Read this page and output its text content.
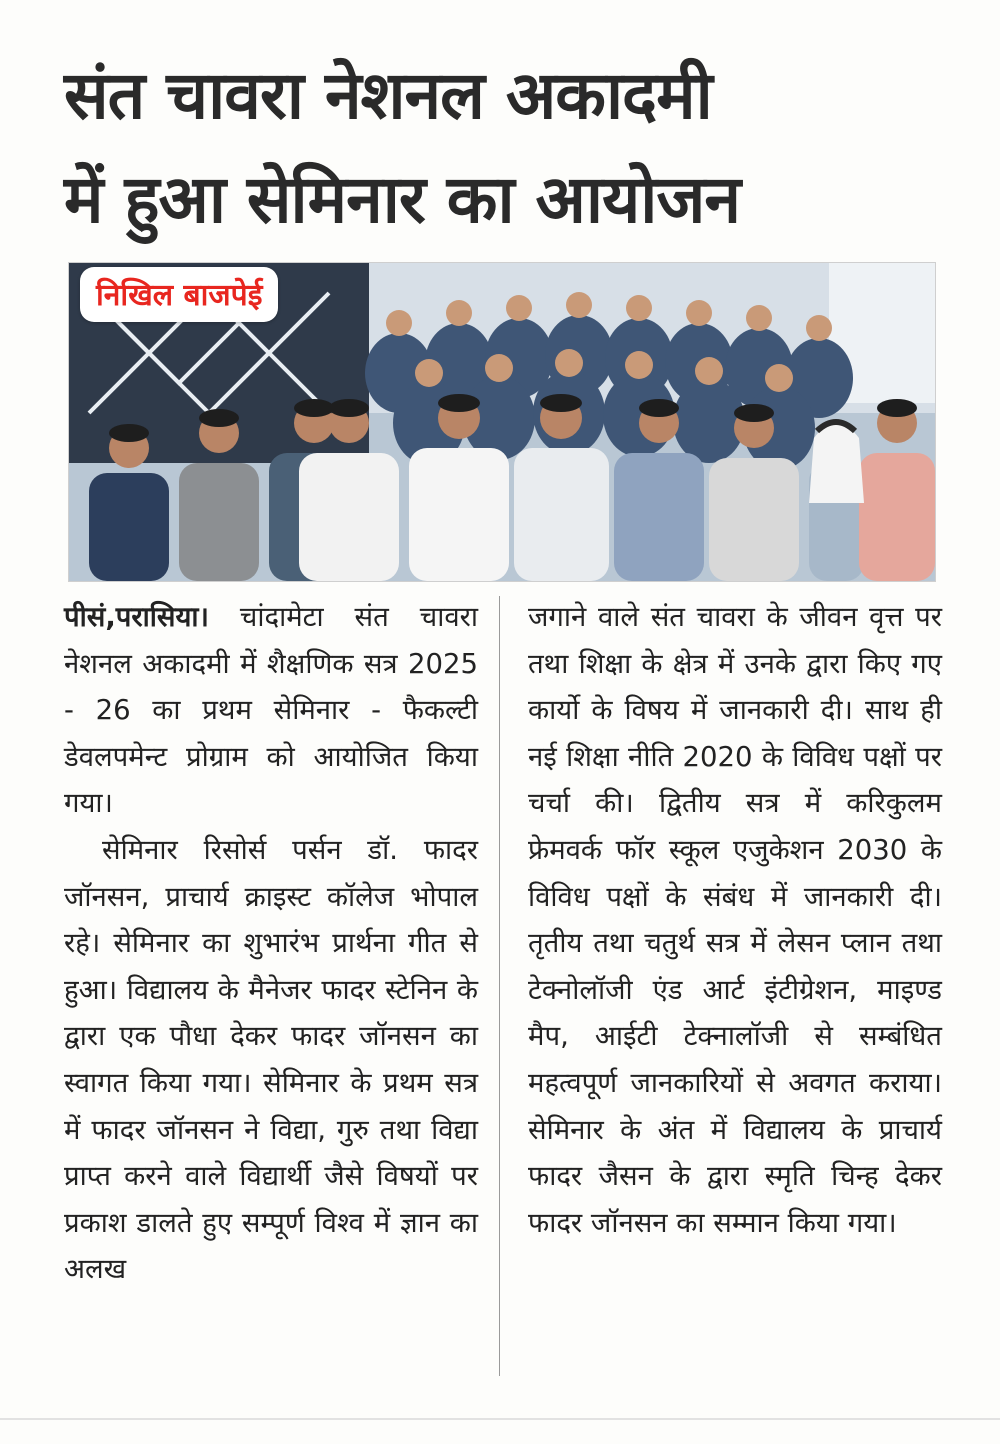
संत चावरा नेशनल अकादमी
में हुआ सेमिनार का आयोजन
निखिल बाजपेई

पीसं,परासिया। चांदामेटा संत चावरा नेशनल अकादमी में शैक्षणिक सत्र 2025 - 26 का प्रथम सेमिनार - फैकल्टी डेवलपमेन्ट प्रोग्राम को आयोजित किया गया।

सेमिनार रिसोर्स पर्सन डॉ. फादर जॉनसन, प्राचार्य क्राइस्ट कॉलेज भोपाल रहे। सेमिनार का शुभारंभ प्रार्थना गीत से हुआ। विद्यालय के मैनेजर फादर स्टेनिन के द्वारा एक पौधा देकर फादर जॉनसन का स्वागत किया गया। सेमिनार के प्रथम सत्र में फादर जॉनसन ने विद्या, गुरु तथा विद्या प्राप्त करने वाले विद्यार्थी जैसे विषयों पर प्रकाश डालते हुए सम्पूर्ण विश्व में ज्ञान का अलख

जगाने वाले संत चावरा के जीवन वृत्त पर तथा शिक्षा के क्षेत्र में उनके द्वारा किए गए कार्यो के विषय में जानकारी दी। साथ ही नई शिक्षा नीति 2020 के विविध पक्षों पर चर्चा की। द्वितीय सत्र में करिकुलम फ्रेमवर्क फॉर स्कूल एजुकेशन 2030 के विविध पक्षों के संबंध में जानकारी दी। तृतीय तथा चतुर्थ सत्र में लेसन प्लान तथा टेक्नोलॉजी एंड आर्ट इंटीग्रेशन, माइण्ड मैप, आईटी टेक्नालॉजी से सम्बंधित महत्वपूर्ण जानकारियों से अवगत कराया। सेमिनार के अंत में विद्यालय के प्राचार्य फादर जैसन के द्वारा स्मृति चिन्ह देकर फादर जॉनसन का सम्मान किया गया।
